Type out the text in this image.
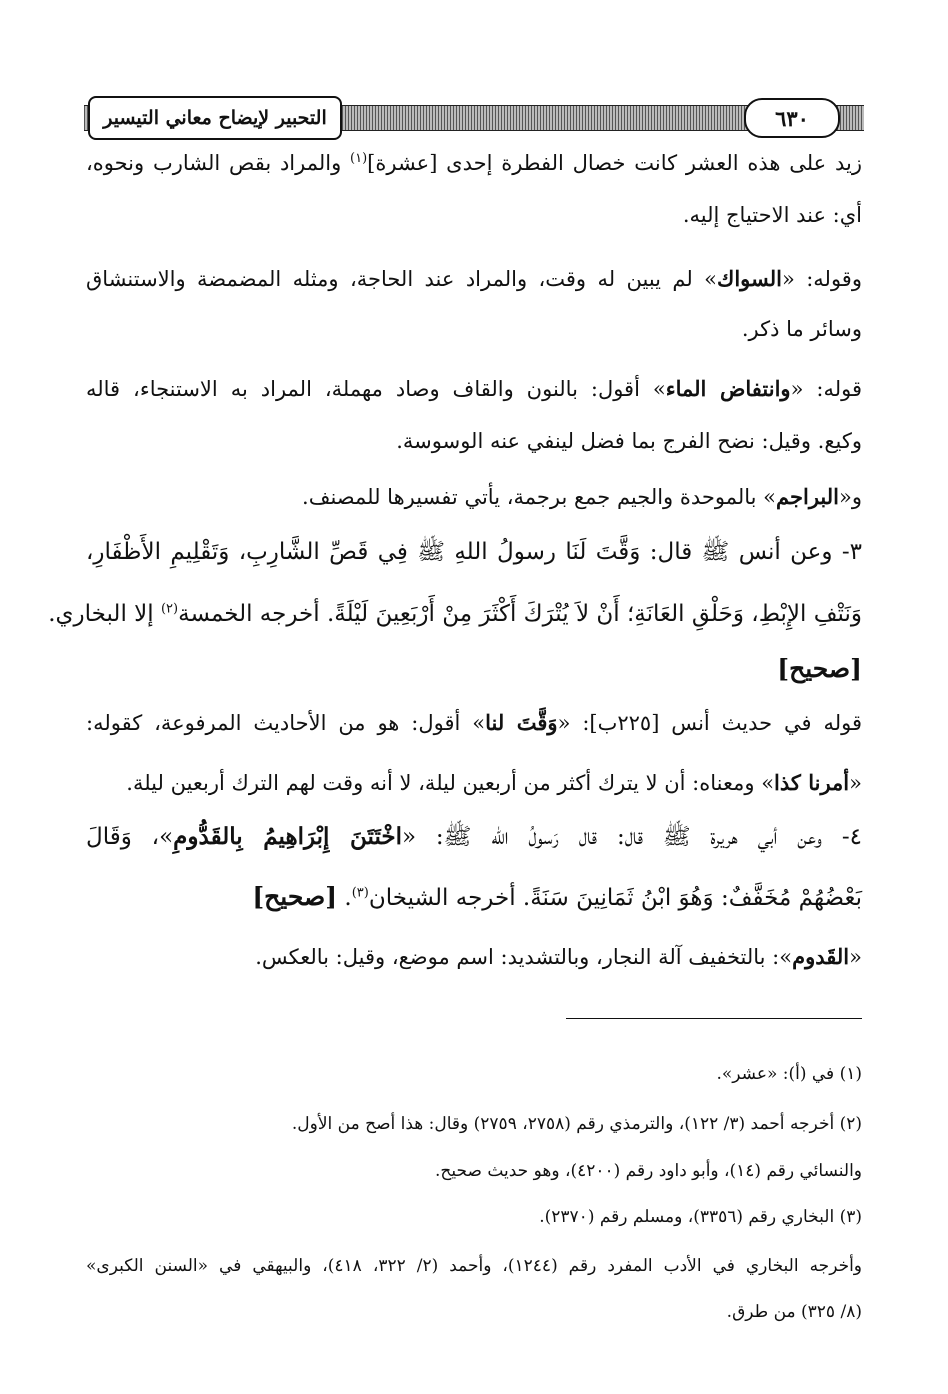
التحبير لإيضاح معاني التيسير	٦٣٠
زيد على هذه العشر كانت خصال الفطرة إحدى [عشرة]$^{(١)}$ والمراد بقص الشارب ونحوه،
أي: عند الاحتياج إليه.
وقوله: «السواك» لم يبين له وقت، والمراد عند الحاجة، ومثله المضمضة والاستنشاق
وسائر ما ذكر.
قوله: «وانتفاض الماء» أقول: بالنون والقاف وصاد مهملة، المراد به الاستنجاء، قاله
وكيع. وقيل: نضح الفرج بما فضل لينفي عنه الوسوسة.
و«البراجم» بالموحدة والجيم جمع برجمة، يأتي تفسيرها للمصنف.
٣- وعن أنس ﷺ قال: وَقَّتَ لَنَا رسولُ اللهِ ﷺ فِي قَصِّ الشَّارِبِ، وَتَقْلِيمِ الأَظْفَارِ،
وَنَتْفِ الإِبْطِ، وَحَلْقِ العَانَةِ؛ أَنْ لاَ يُتْرَكَ أَكْثَرَ مِنْ أَرْبَعِينَ لَيْلَةً. أخرجه الخمسة$^{(٢)}$ إلا البخاري.
[صحيح]
قوله في حديث أنس [٢٢٥ب]: «وَقَّتَ لنا» أقول: هو من الأحاديث المرفوعة، كقوله:
«أمرنا كذا» ومعناه: أن لا يترك أكثر من أربعين ليلة، لا أنه وقت لهم الترك أربعين ليلة.
٤- وعن أبي هريرة ﷺ قال: قال رَسولُ الله ﷺ: «اخْتَتَنَ إِبْرَاهِيمُ بِالقَدُّومِ»، وَقَالَ
بَعْضُهُمْ مُخَفَّفٌ: وَهُوَ ابْنُ ثَمَانِينَ سَنَةً. أخرجه الشيخان$^{(٣)}$. [صحيح]
«القَدوم»: بالتخفيف آلة النجار، وبالتشديد: اسم موضع، وقيل: بالعكس.
(١) في (أ): «عشر».
(٢) أخرجه أحمد (٣/ ١٢٢)، والترمذي رقم (٢٧٥٨، ٢٧٥٩) وقال: هذا أصح من الأول.
والنسائي رقم (١٤)، وأبو داود رقم (٤٢٠٠)، وهو حديث صحيح.
(٣) البخاري رقم (٣٣٥٦)، ومسلم رقم (٢٣٧٠).
وأخرجه البخاري في الأدب المفرد رقم (١٢٤٤)، وأحمد (٢/ ٣٢٢، ٤١٨)، والبيهقي في «السنن الكبرى»
(٨/ ٣٢٥) من طرق.
